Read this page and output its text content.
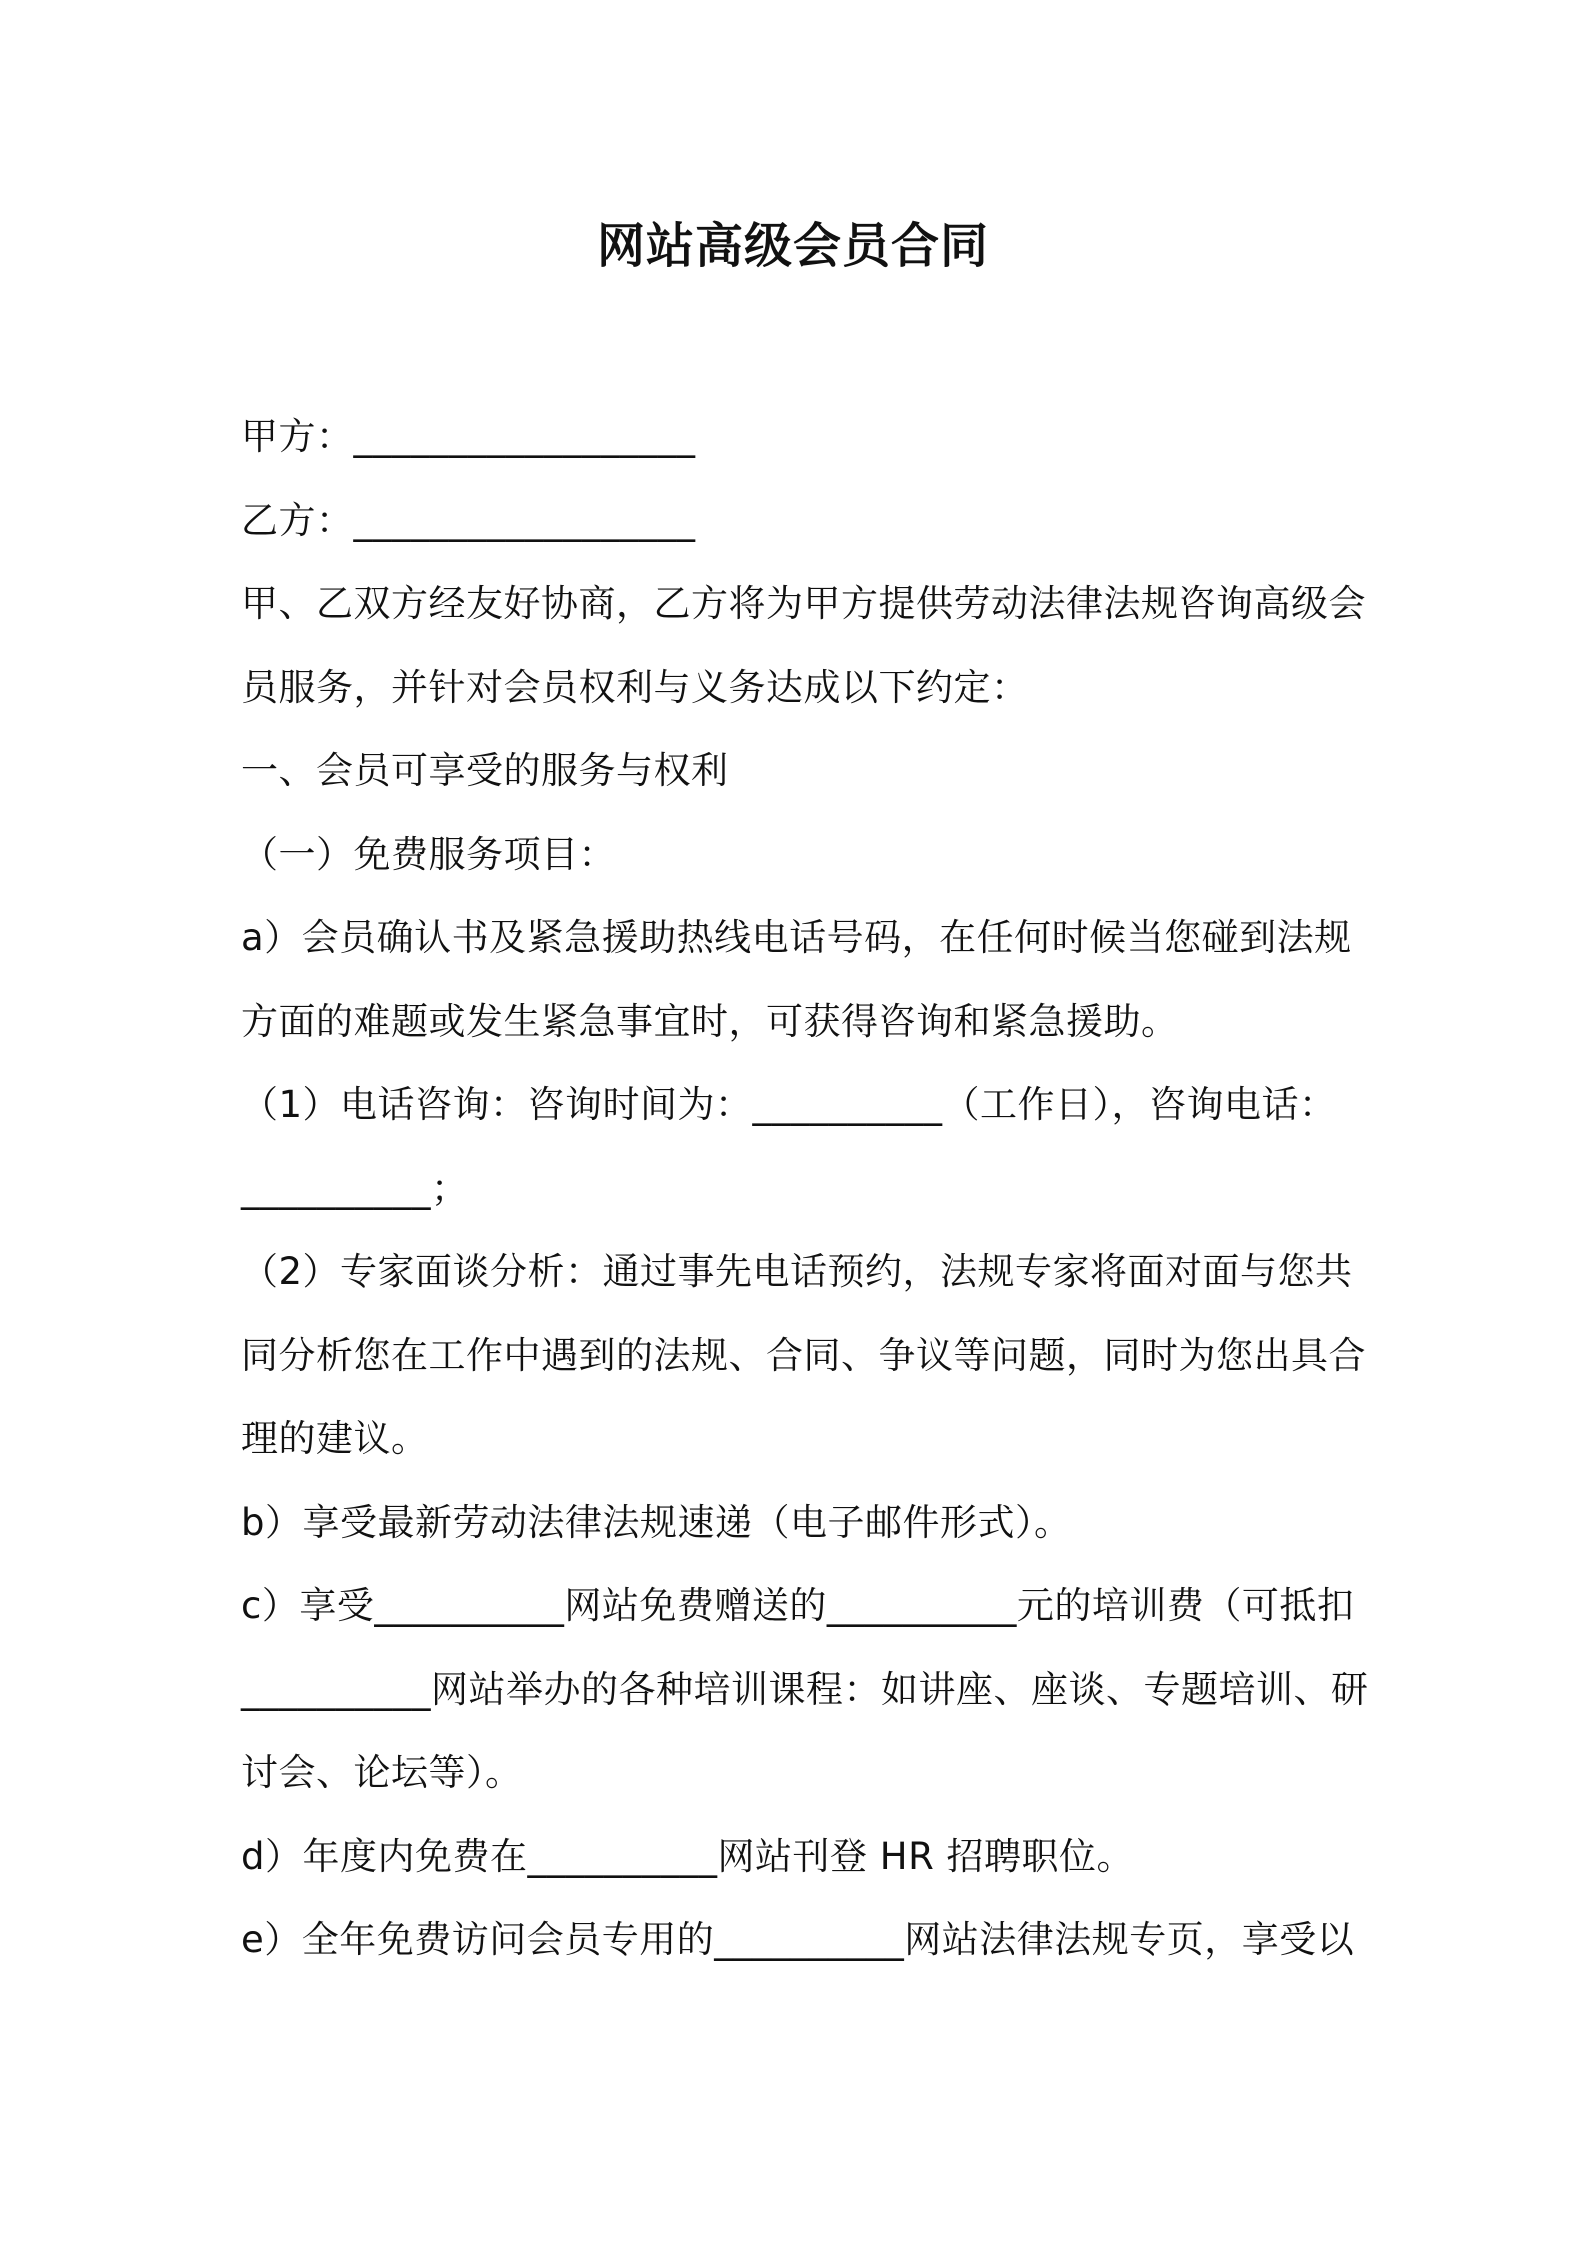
网站高级会员合同
甲方：__________________
乙方：__________________
甲、乙双方经友好协商，乙方将为甲方提供劳动法律法规咨询高级会
员服务，并针对会员权利与义务达成以下约定：
一、会员可享受的服务与权利
（一）免费服务项目：
a）会员确认书及紧急援助热线电话号码，在任何时候当您碰到法规
方面的难题或发生紧急事宜时，可获得咨询和紧急援助。
（1）电话咨询：咨询时间为：__________（工作日），咨询电话：
__________；
（2）专家面谈分析：通过事先电话预约，法规专家将面对面与您共
同分析您在工作中遇到的法规、合同、争议等问题，同时为您出具合
理的建议。
b）享受最新劳动法律法规速递（电子邮件形式）。
c）享受__________网站免费赠送的__________元的培训费（可抵扣
__________网站举办的各种培训课程：如讲座、座谈、专题培训、研
讨会、论坛等）。
d）年度内免费在__________网站刊登 HR 招聘职位。
e）全年免费访问会员专用的__________网站法律法规专页，享受以
